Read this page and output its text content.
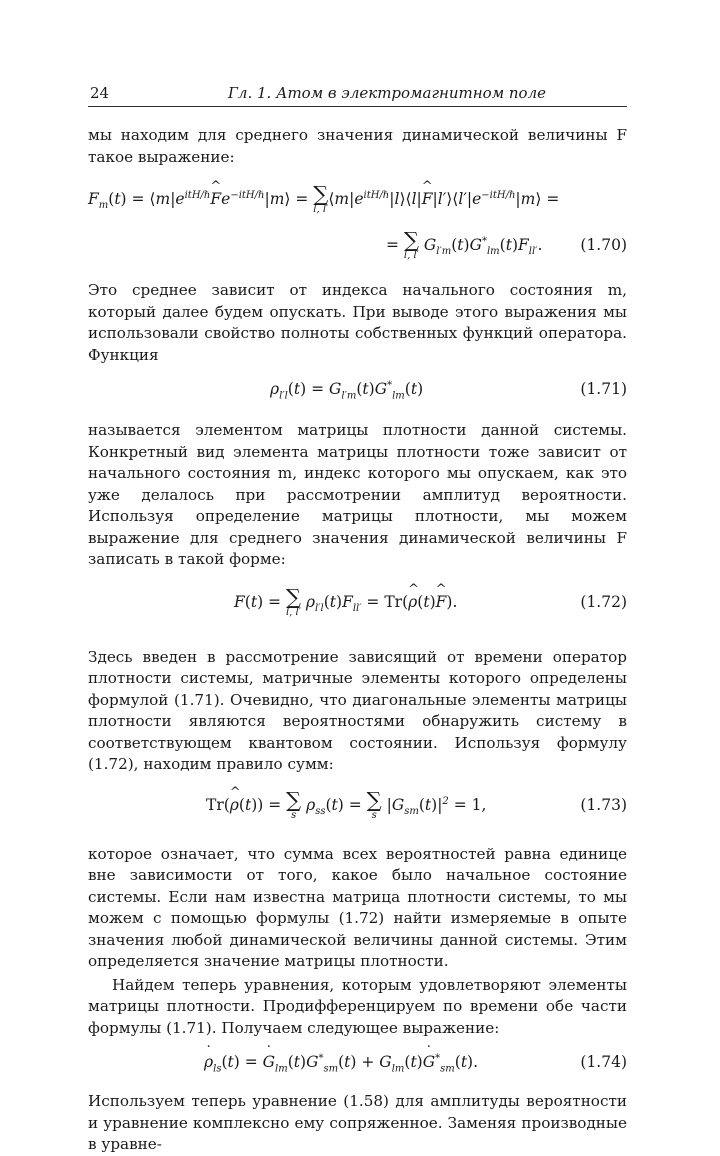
24	Гл. 1. Атом в электромагнитном поле

мы находим для среднего значения динамической величины F такое выражение:

$F_m(t)$ = $⟨m|e^{itH/\hbar}\^{}$ $Fe^{-itH/\hbar}|m⟩$ = ∑
l, l′
$⟨m|e^{itH/\hbar}|l⟩⟨l|\^{}$ $F|l'⟩⟨l'|e^{-itH/\hbar}|m⟩$ =
= ∑
l, l′
$G_{l'm}(t)G^*_{lm}(t)F_{ll'}$. (1.70)

Это среднее зависит от индекса начального состояния m, который далее будем опускать. При выводе этого выражения мы использовали свойство полноты собственных функций оператора. Функция

$\rho_{l'l}(t) = G_{l'm}(t)G^*_{lm}(t)$	(1.71)

называется элементом матрицы плотности данной системы. Конкретный вид элемента матрицы плотности тоже зависит от начального состояния m, индекс которого мы опускаем, как это уже делалось при рассмотрении амплитуд вероятности. Используя определение матрицы плотности, мы можем выражение для среднего значения динамической величины F записать в такой форме:

F(t) = ∑
l, l′
$\rho_{l'l}(t)F_{ll'}$ = Tr(^ ρ(t)^ F).	(1.72)

Здесь введен в рассмотрение зависящий от времени оператор плотности системы, матричные элементы которого определены формулой (1.71). Очевидно, что диагональные элементы матрицы плотности являются вероятностями обнаружить систему в соответствующем квантовом состоянии. Используя формулу (1.72), находим правило сумм:

Tr(^ ρ(t)) = ∑
s
$\rho_{ss}(t)$ = ∑
s
$|G_{sm}(t)|^2 = 1$,	(1.73)

которое означает, что сумма всех вероятностей равна единице вне зависимости от того, какое было начальное состояние системы. Если нам известна матрица плотности системы, то мы можем с помощью формулы (1.72) найти измеряемые в опыте значения любой динамической величины данной системы. Этим определяется значение матрицы плотности.

Найдем теперь уравнения, которым удовлетворяют элементы матрицы плотности. Продифференцируем по времени обе части формулы (1.71). Получаем следующее выражение:

˙ $\rho_{ls}(t)$ = ˙ $G_{lm}(t)G^*_{sm}(t)$ + $G_{lm}(t)˙$ $G^*_{sm}(t)$.	(1.74)

Используем теперь уравнение (1.58) для амплитуды вероятности и уравнение комплексно ему сопряженное. Заменяя производные в уравне-
